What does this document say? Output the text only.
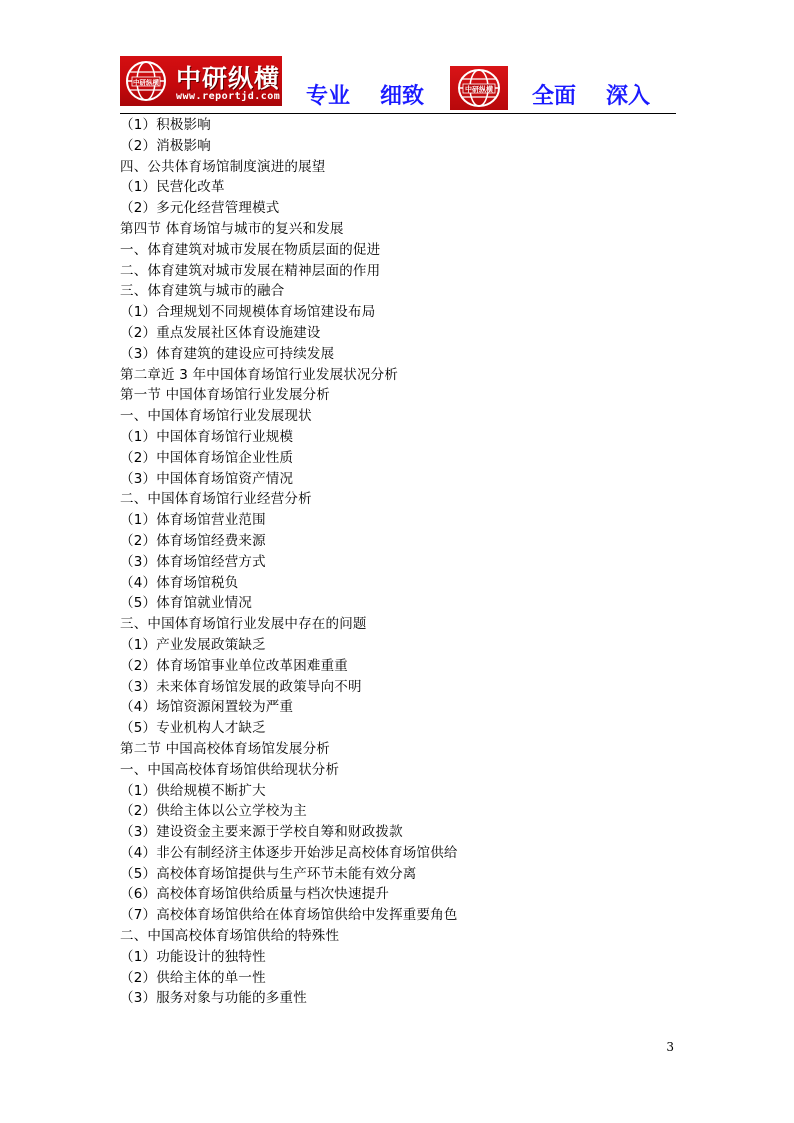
中研纵横 中研纵横
www.reportjd.com 专业 细致	中研纵横 全面 深入
（1）积极影响
（2）消极影响
四、公共体育场馆制度演进的展望
（1）民营化改革
（2）多元化经营管理模式
第四节 体育场馆与城市的复兴和发展
一、体育建筑对城市发展在物质层面的促进
二、体育建筑对城市发展在精神层面的作用
三、体育建筑与城市的融合
（1）合理规划不同规模体育场馆建设布局
（2）重点发展社区体育设施建设
（3）体育建筑的建设应可持续发展
第二章近 3 年中国体育场馆行业发展状况分析
第一节 中国体育场馆行业发展分析
一、中国体育场馆行业发展现状
（1）中国体育场馆行业规模
（2）中国体育场馆企业性质
（3）中国体育场馆资产情况
二、中国体育场馆行业经营分析
（1）体育场馆营业范围
（2）体育场馆经费来源
（3）体育场馆经营方式
（4）体育场馆税负
（5）体育馆就业情况
三、中国体育场馆行业发展中存在的问题
（1）产业发展政策缺乏
（2）体育场馆事业单位改革困难重重
（3）未来体育场馆发展的政策导向不明
（4）场馆资源闲置较为严重
（5）专业机构人才缺乏
第二节 中国高校体育场馆发展分析
一、中国高校体育场馆供给现状分析
（1）供给规模不断扩大
（2）供给主体以公立学校为主
（3）建设资金主要来源于学校自筹和财政拨款
（4）非公有制经济主体逐步开始涉足高校体育场馆供给
（5）高校体育场馆提供与生产环节未能有效分离
（6）高校体育场馆供给质量与档次快速提升
（7）高校体育场馆供给在体育场馆供给中发挥重要角色
二、中国高校体育场馆供给的特殊性
（1）功能设计的独特性
（2）供给主体的单一性
（3）服务对象与功能的多重性
3
